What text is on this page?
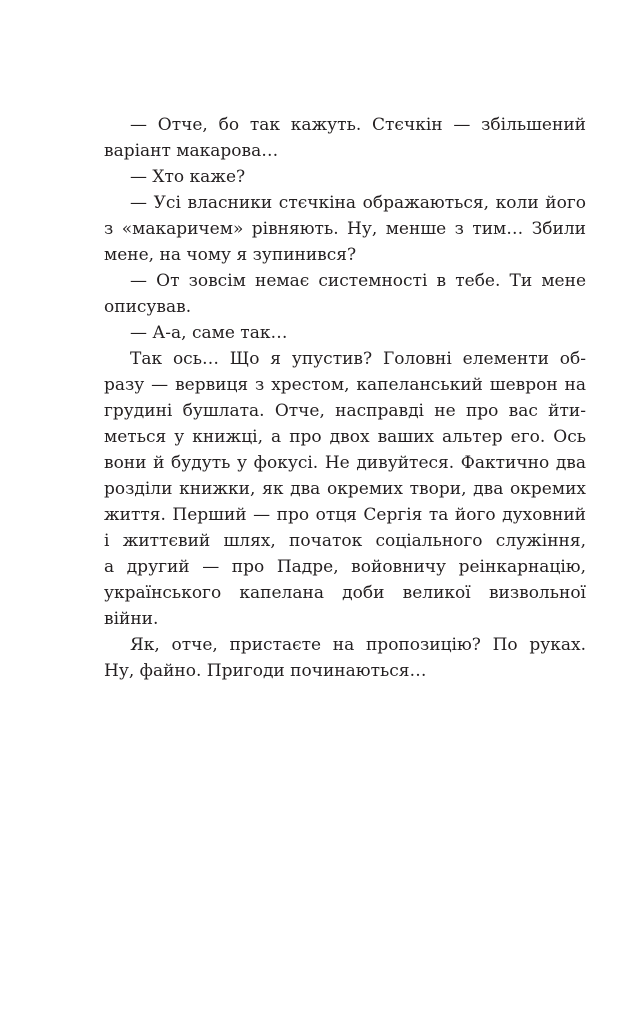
— Отче, бо так кажуть. Стєчкін — збільшений
варіант макарова…
— Хто каже?
— Усі власники стєчкіна ображаються, коли його
з «макаричем» рівняють. Ну, менше з тим… Збили
мене, на чому я зупинився?
— От зовсім немає системності в тебе. Ти мене
описував.
— А-а, саме так…
Так ось… Що я упустив? Головні елементи об-
разу — вервиця з хрестом, капеланський шеврон на
грудині бушлата. Отче, насправді не про вас йти-
меться у книжці, а про двох ваших альтер его. Ось
вони й будуть у фокусі. Не дивуйтеся. Фактично два
розділи книжки, як два окремих твори, два окремих
життя. Перший — про отця Сергія та його духовний
і життєвий шлях, початок соціального служіння,
а другий — про Падре, войовничу реінкарнацію,
українського капелана доби великої визвольної
війни.
Як, отче, пристаєте на пропозицію? По руках.
Ну, файно. Пригоди починаються…
